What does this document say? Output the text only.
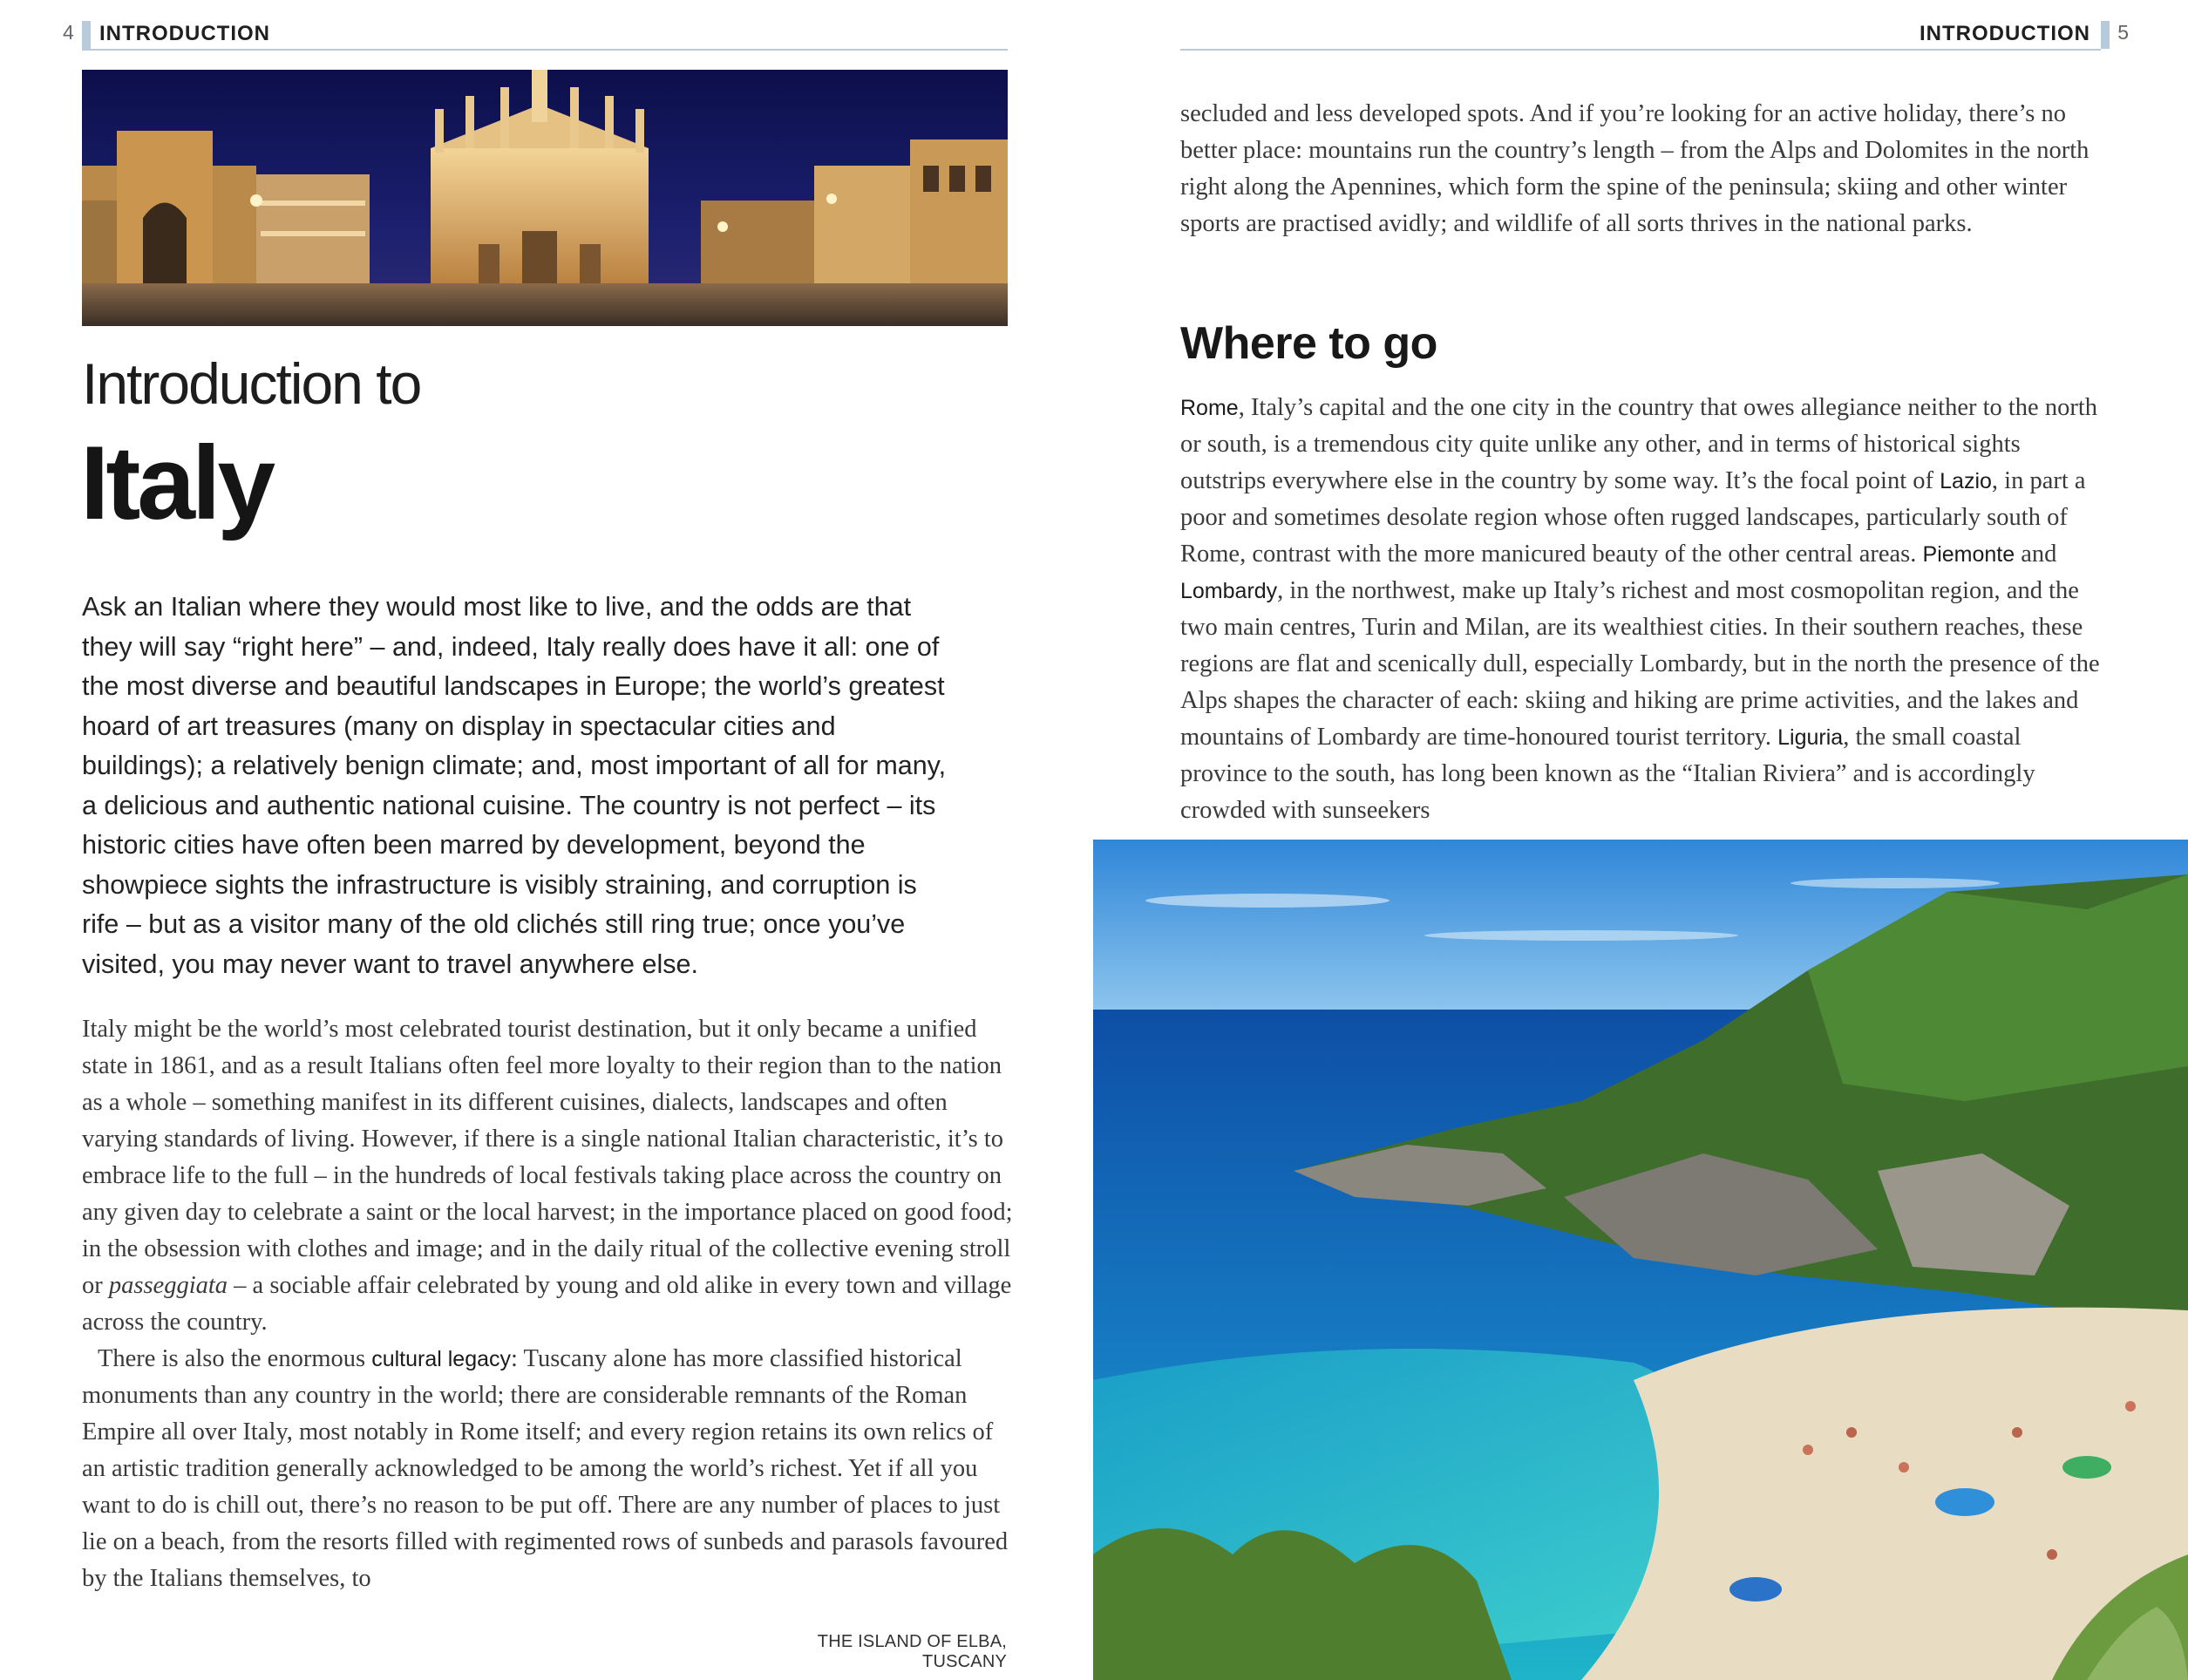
4 INTRODUCTION	INTRODUCTION 5
Introduction to
Italy

Ask an Italian where they would most like to live, and the odds are that they will say “right here” – and, indeed, Italy really does have it all: one of the most diverse and beautiful landscapes in Europe; the world’s greatest hoard of art treasures (many on display in spectacular cities and buildings); a relatively benign climate; and, most important of all for many, a delicious and authentic national cuisine. The country is not perfect – its historic cities have often been marred by development, beyond the showpiece sights the infrastructure is visibly straining, and corruption is rife – but as a visitor many of the old clichés still ring true; once you’ve visited, you may never want to travel anywhere else.

Italy might be the world’s most celebrated tourist destination, but it only became a unified state in 1861, and as a result Italians often feel more loyalty to their region than to the nation as a whole – something manifest in its different cuisines, dialects, landscapes and often varying standards of living. However, if there is a single national Italian characteristic, it’s to embrace life to the full – in the hundreds of local festivals taking place across the country on any given day to celebrate a saint or the local harvest; in the importance placed on good food; in the obsession with clothes and image; and in the daily ritual of the collective evening stroll or passeggiata – a sociable affair celebrated by young and old alike in every town and village across the country.

There is also the enormous cultural legacy: Tuscany alone has more classified historical monuments than any country in the world; there are considerable remnants of the Roman Empire all over Italy, most notably in Rome itself; and every region retains its own relics of an artistic tradition generally acknowledged to be among the world’s richest. Yet if all you want to do is chill out, there’s no reason to be put off. There are any number of places to just lie on a beach, from the resorts filled with regimented rows of sunbeds and parasols favoured by the Italians themselves, to

THE ISLAND OF ELBA, TUSCANY

secluded and less developed spots. And if you’re looking for an active holiday, there’s no better place: mountains run the country’s length – from the Alps and Dolomites in the north right along the Apennines, which form the spine of the peninsula; skiing and other winter sports are practised avidly; and wildlife of all sorts thrives in the national parks.

Where to go

Rome, Italy’s capital and the one city in the country that owes allegiance neither to the north or south, is a tremendous city quite unlike any other, and in terms of historical sights outstrips everywhere else in the country by some way. It’s the focal point of Lazio, in part a poor and sometimes desolate region whose often rugged landscapes, particularly south of Rome, contrast with the more manicured beauty of the other central areas. Piemonte and Lombardy, in the northwest, make up Italy’s richest and most cosmopolitan region, and the two main centres, Turin and Milan, are its wealthiest cities. In their southern reaches, these regions are flat and scenically dull, especially Lombardy, but in the north the presence of the Alps shapes the character of each: skiing and hiking are prime activities, and the lakes and mountains of Lombardy are time-honoured tourist territory. Liguria, the small coastal province to the south, has long been known as the “Italian Riviera” and is accordingly crowded with sunseekers
